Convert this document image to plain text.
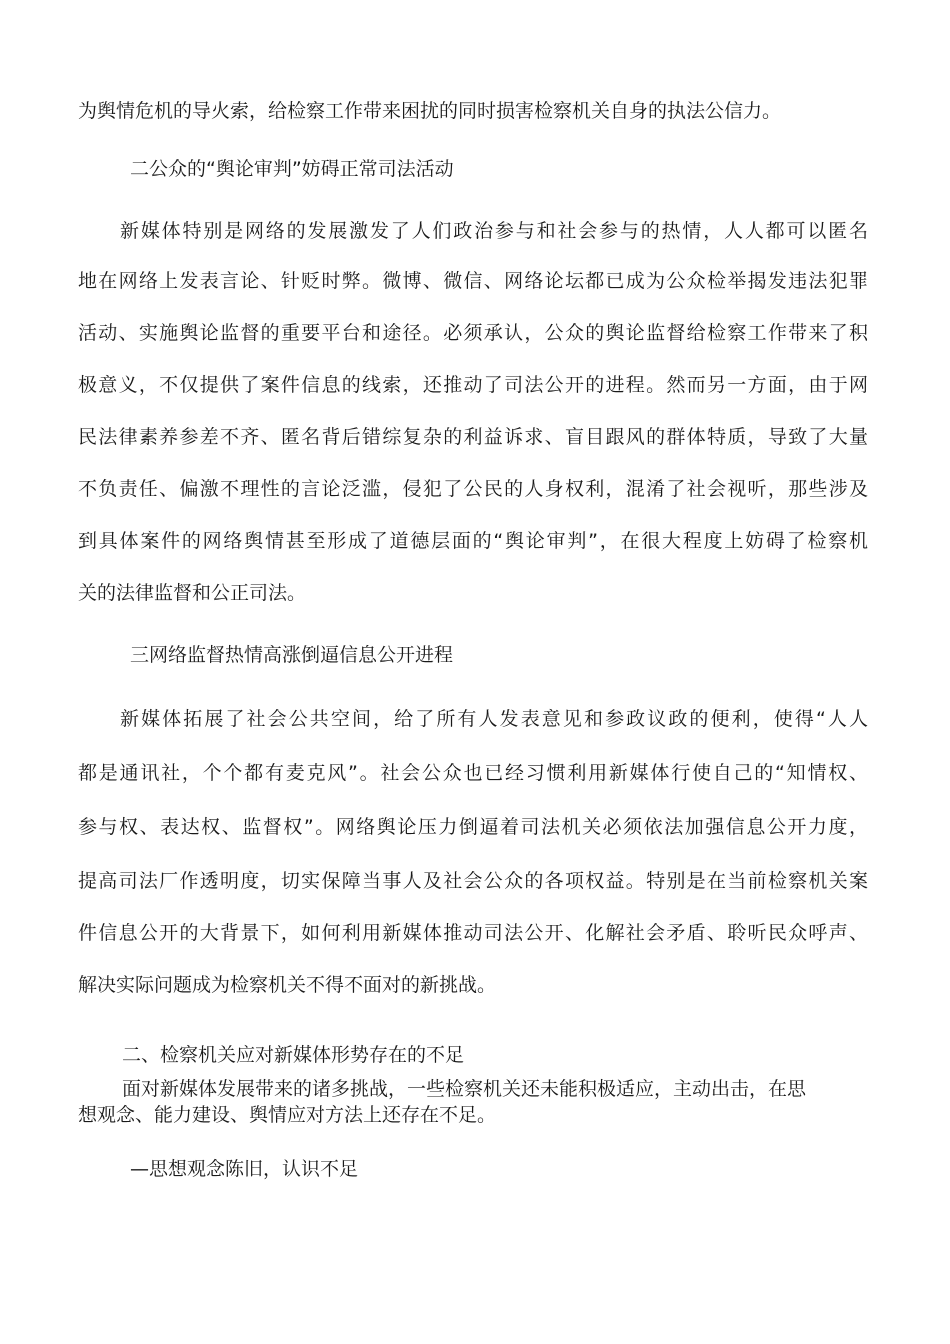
为舆情危机的导火索，给检察工作带来困扰的同时损害检察机关自身的执法公信力。
二公众的“舆论审判”妨碍正常司法活动
新媒体特别是网络的发展激发了人们政治参与和社会参与的热情，人人都可以匿名
地在网络上发表言论、针贬时弊。微博、微信、网络论坛都已成为公众检举揭发违法犯罪
活动、实施舆论监督的重要平台和途径。必须承认，公众的舆论监督给检察工作带来了积
极意义，不仅提供了案件信息的线索，还推动了司法公开的进程。然而另一方面，由于网
民法律素养参差不齐、匿名背后错综复杂的利益诉求、盲目跟风的群体特质，导致了大量
不负责任、偏激不理性的言论泛滥，侵犯了公民的人身权利，混淆了社会视听，那些涉及
到具体案件的网络舆情甚至形成了道德层面的“舆论审判”，在很大程度上妨碍了检察机
关的法律监督和公正司法。
三网络监督热情高涨倒逼信息公开进程
新媒体拓展了社会公共空间，给了所有人发表意见和参政议政的便利，使得“人人
都是通讯社，个个都有麦克风”。社会公众也已经习惯利用新媒体行使自己的“知情权、
参与权、表达权、监督权”。网络舆论压力倒逼着司法机关必须依法加强信息公开力度，
提高司法厂作透明度，切实保障当事人及社会公众的各项权益。特别是在当前检察机关案
件信息公开的大背景下，如何利用新媒体推动司法公开、化解社会矛盾、聆听民众呼声、
解决实际问题成为检察机关不得不面对的新挑战。
二、检察机关应对新媒体形势存在的不足
面对新媒体发展带来的诸多挑战，一些检察机关还未能积极适应，主动出击，在思
想观念、能力建设、舆情应对方法上还存在不足。
—思想观念陈旧，认识不足
